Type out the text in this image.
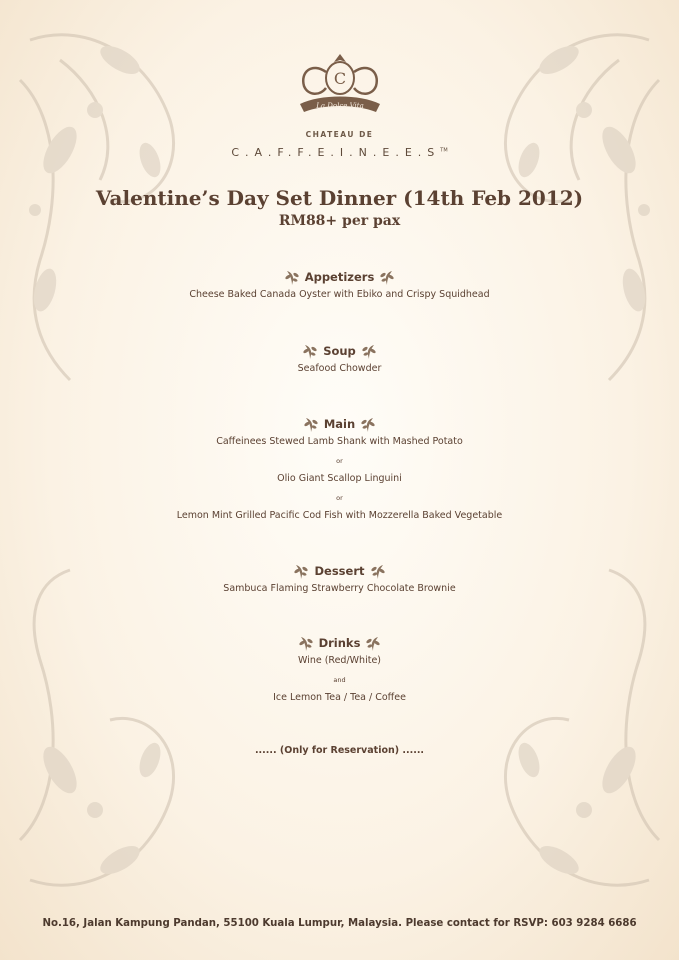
C
La Dolce Vita
CHATEAU DE
C.A.F.F.E.I.N.E.E.S™
Valentine’s Day Set Dinner (14th Feb 2012)
RM88+ per pax
Appetizers
Cheese Baked Canada Oyster with Ebiko and Crispy Squidhead
Soup
Seafood Chowder
Main
Caffeinees Stewed Lamb Shank with Mashed Potato
or
Olio Giant Scallop Linguini
or
Lemon Mint Grilled Pacific Cod Fish with Mozzerella Baked Vegetable
Dessert
Sambuca Flaming Strawberry Chocolate Brownie
Drinks
Wine (Red/White)
and
Ice Lemon Tea / Tea / Coffee
...... (Only for Reservation) ......
No.16, Jalan Kampung Pandan, 55100 Kuala Lumpur, Malaysia. Please contact for RSVP: 603 9284 6686
